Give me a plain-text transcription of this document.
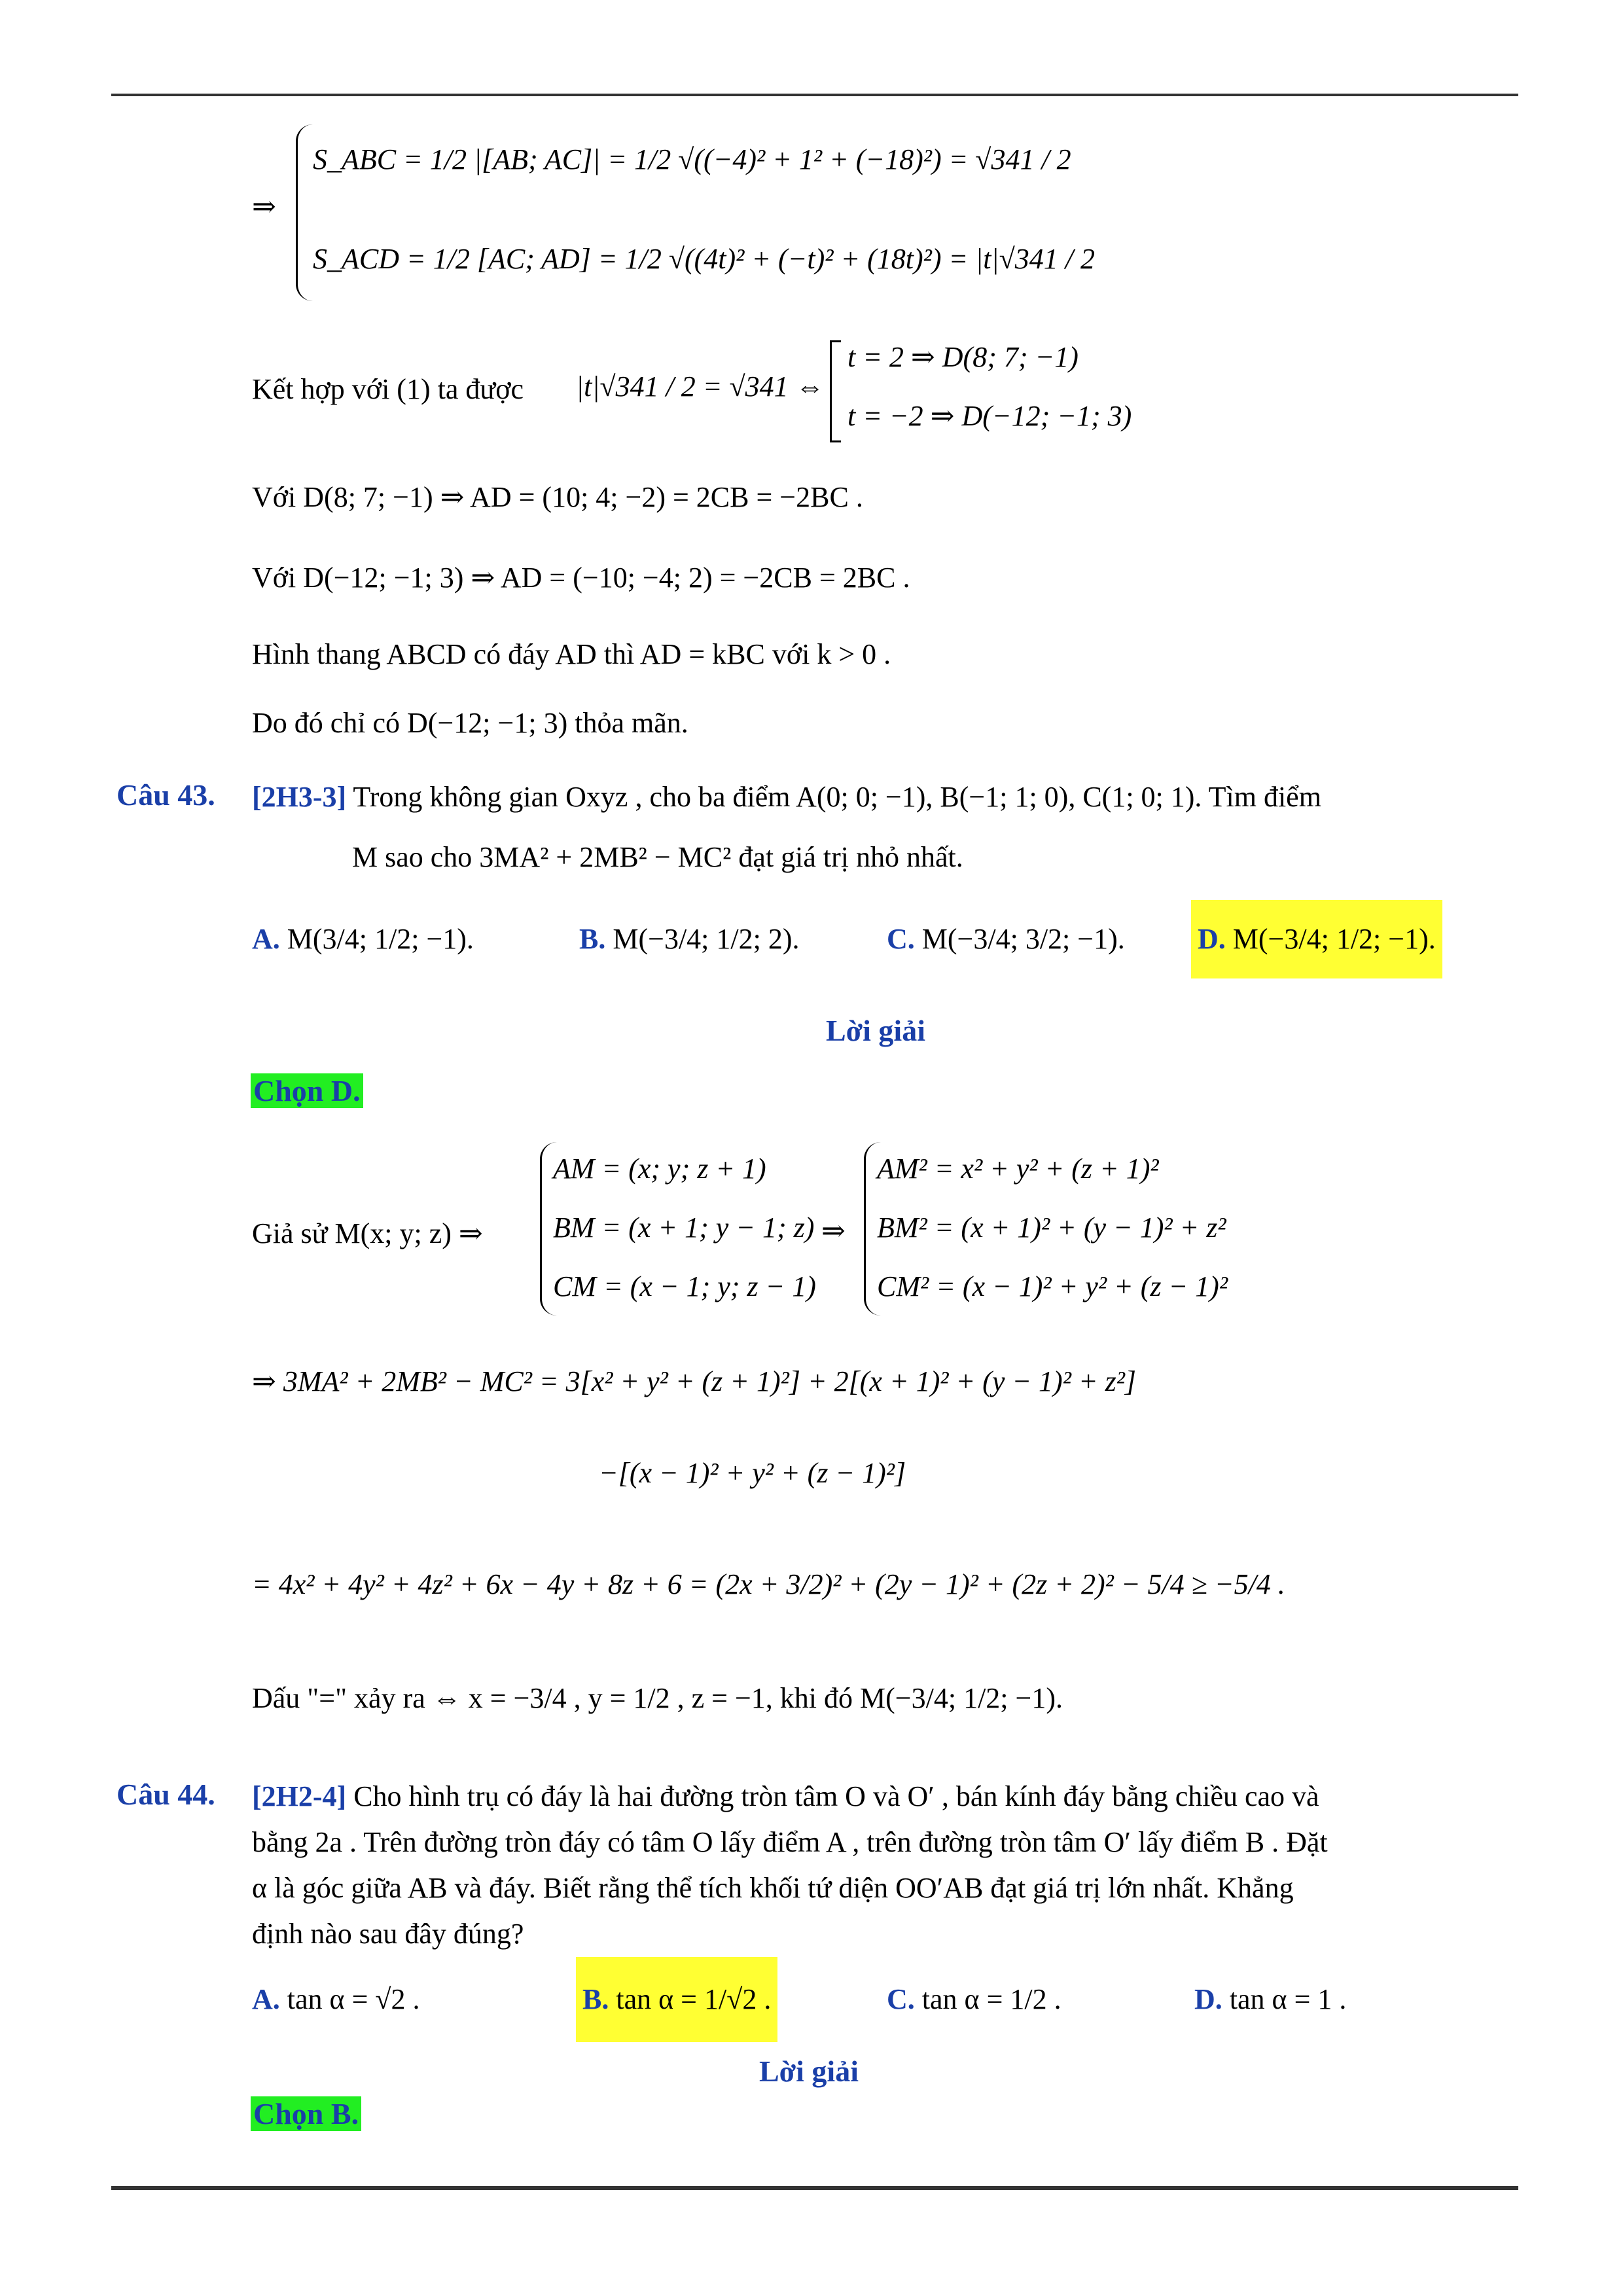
⇒
S_ABC = 1/2 |[AB; AC]| = 1/2 √((−4)² + 1² + (−18)²) = √341 / 2
S_ACD = 1/2 [AC; AD] = 1/2 √((4t)² + (−t)² + (18t)²) = |t|√341 / 2
Kết hợp với (1) ta được |t|√341 / 2 = √341 ⇔
t = 2 ⇒ D(8; 7; −1)
t = −2 ⇒ D(−12; −1; 3)
Với D(8; 7; −1) ⇒ AD = (10; 4; −2) = 2CB = −2BC .
Với D(−12; −1; 3) ⇒ AD = (−10; −4; 2) = −2CB = 2BC .
Hình thang ABCD có đáy AD thì AD = kBC với k > 0 .
Do đó chỉ có D(−12; −1; 3) thỏa mãn.
Câu 43. [2H3-3] Trong không gian Oxyz , cho ba điểm A(0; 0; −1), B(−1; 1; 0), C(1; 0; 1). Tìm điểm
M sao cho 3MA² + 2MB² − MC² đạt giá trị nhỏ nhất.
A. M(3/4; 1/2; −1).	B. M(−3/4; 1/2; 2).	C. M(−3/4; 3/2; −1).	D. M(−3/4; 1/2; −1).
Lời giải
Chọn D.
Giả sử M(x; y; z) ⇒
AM = (x; y; z + 1)
BM = (x + 1; y − 1; z)
CM = (x − 1; y; z − 1)
⇒
AM² = x² + y² + (z + 1)²
BM² = (x + 1)² + (y − 1)² + z²
CM² = (x − 1)² + y² + (z − 1)²
⇒ 3MA² + 2MB² − MC² = 3[x² + y² + (z + 1)²] + 2[(x + 1)² + (y − 1)² + z²]
−[(x − 1)² + y² + (z − 1)²]
= 4x² + 4y² + 4z² + 6x − 4y + 8z + 6 = (2x + 3/2)² + (2y − 1)² + (2z + 2)² − 5/4 ≥ −5/4 .
Dấu "=" xảy ra ⇔ x = −3/4 , y = 1/2 , z = −1, khi đó M(−3/4; 1/2; −1).
Câu 44. [2H2-4] Cho hình trụ có đáy là hai đường tròn tâm O và O′ , bán kính đáy bằng chiều cao và
bằng 2a . Trên đường tròn đáy có tâm O lấy điểm A , trên đường tròn tâm O′ lấy điểm B . Đặt
α là góc giữa AB và đáy. Biết rằng thể tích khối tứ diện OO′AB đạt giá trị lớn nhất. Khẳng
định nào sau đây đúng?
A. tan α = √2 .	B. tan α = 1/√2 .	C. tan α = 1/2 .	D. tan α = 1 .
Lời giải
Chọn B.
